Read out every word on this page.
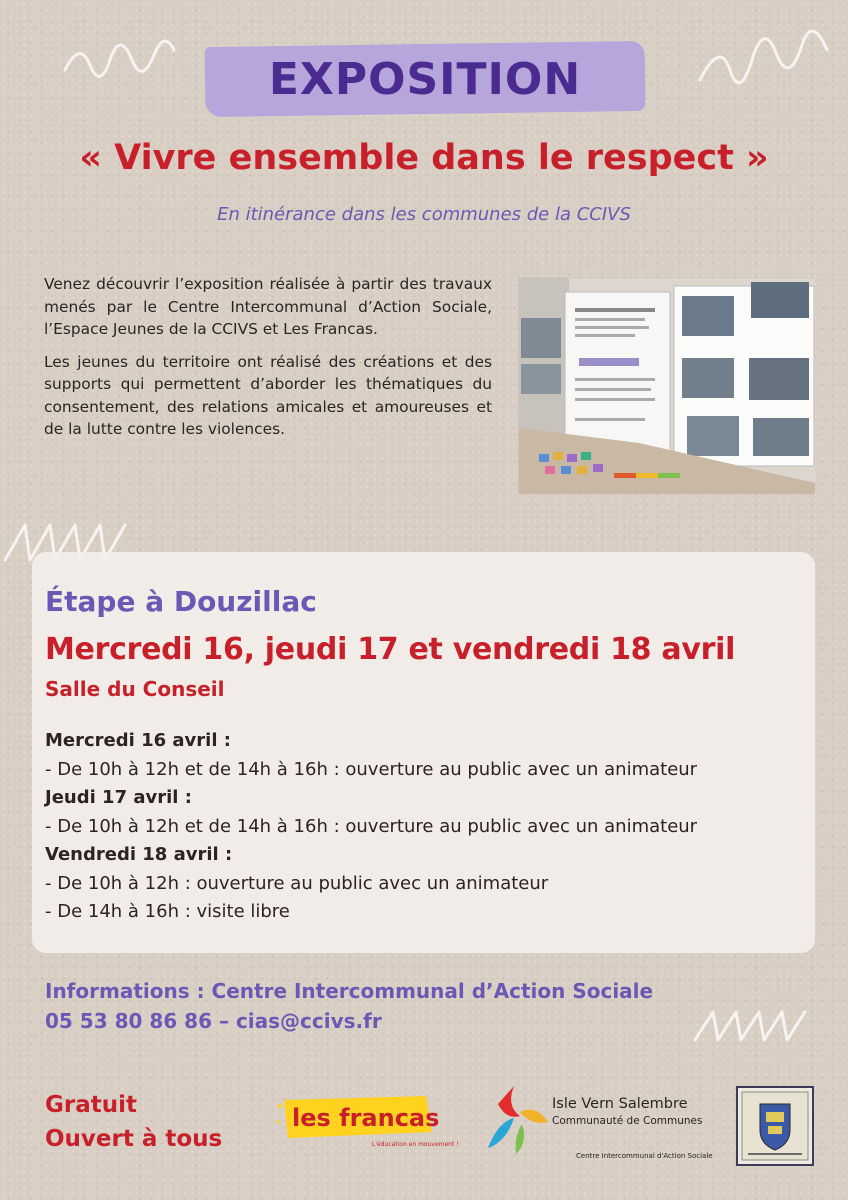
EXPOSITION
« Vivre ensemble dans le respect »
En itinérance dans les communes de la CCIVS

Venez découvrir l’exposition réalisée à partir des travaux menés par le Centre Intercommunal d’Action Sociale, l’Espace Jeunes de la CCIVS et Les Francas.

Les jeunes du territoire ont réalisé des créations et des supports qui permettent d’aborder les thématiques du consentement, des relations amicales et amoureuses et de la lutte contre les violences.

Étape à Douzillac
Mercredi 16, jeudi 17 et vendredi 18 avril
Salle du Conseil
Mercredi 16 avril :
- De 10h à 12h et de 14h à 16h : ouverture au public avec un animateur
Jeudi 17 avril :
- De 10h à 12h et de 14h à 16h : ouverture au public avec un animateur
Vendredi 18 avril :
- De 10h à 12h : ouverture au public avec un animateur
- De 14h à 16h : visite libre
Informations : Centre Intercommunal d’Action Sociale
05 53 80 86 86 – cias@ccivs.fr
Gratuit
Ouvert à tous
les francas
L'éducation en mouvement !
Isle Vern Salembre
Communauté de Communes
Centre Intercommunal d'Action Sociale
